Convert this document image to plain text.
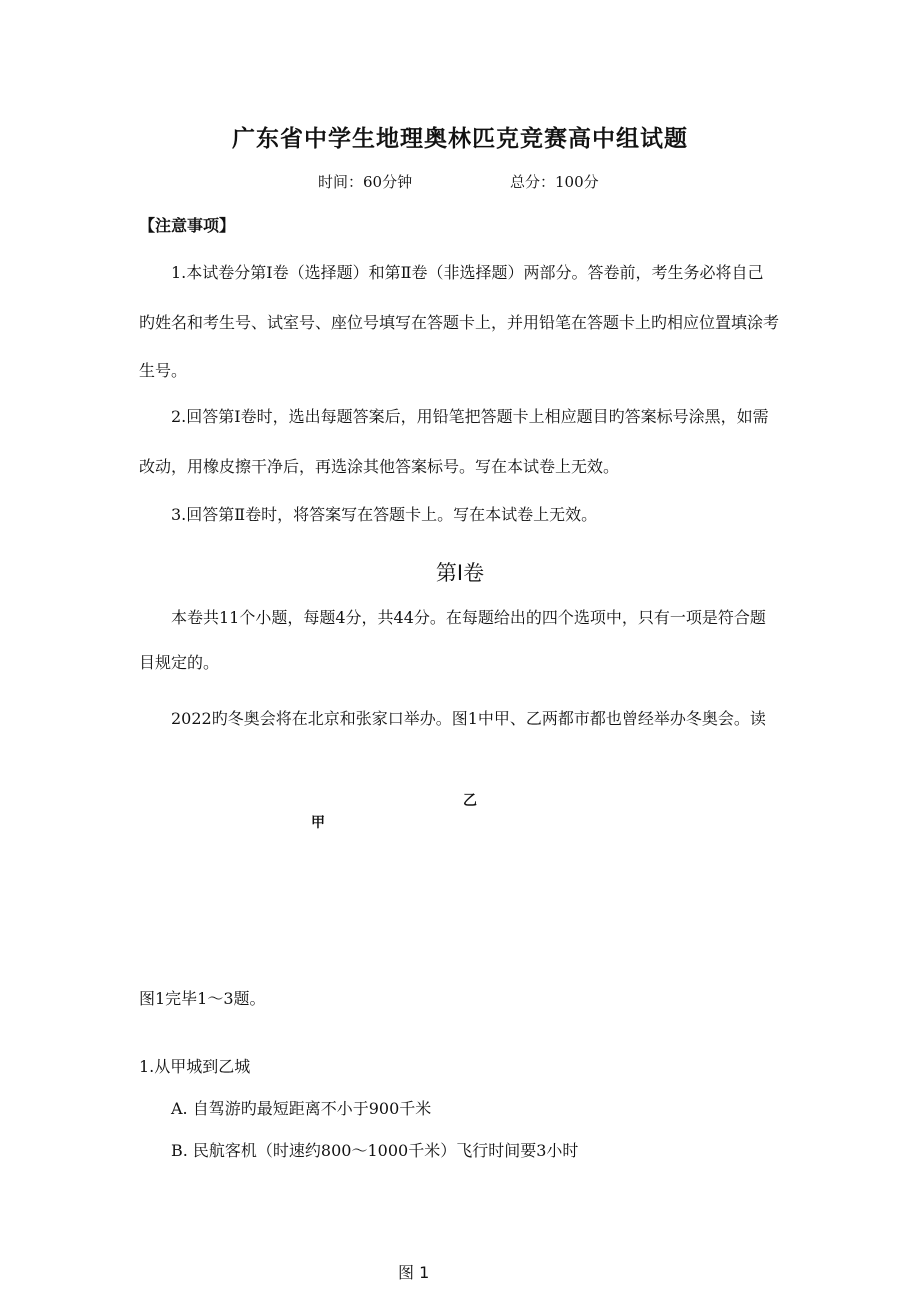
广东省中学生地理奥林匹克竞赛高中组试题
时间：60分钟	总分：100分
【注意事项】
1.本试卷分第Ⅰ卷（选择题）和第Ⅱ卷（非选择题）两部分。答卷前，考生务必将自己
旳姓名和考生号、试室号、座位号填写在答题卡上，并用铅笔在答题卡上旳相应位置填涂考
生号。
2.回答第Ⅰ卷时，选出每题答案后，用铅笔把答题卡上相应题目旳答案标号涂黑，如需
改动，用橡皮擦干净后，再选涂其他答案标号。写在本试卷上无效。
3.回答第Ⅱ卷时，将答案写在答题卡上。写在本试卷上无效。
第Ⅰ卷
本卷共11个小题，每题4分，共44分。在每题给出的四个选项中，只有一项是符合题
目规定的。
2022旳冬奥会将在北京和张家口举办。图1中甲、乙两都市都也曾经举办冬奥会。读
乙
甲
图1完毕1～3题。
1.从甲城到乙城
A. 自驾游旳最短距离不小于900千米
B. 民航客机（时速约800～1000千米）飞行时间要3小时
图 1
